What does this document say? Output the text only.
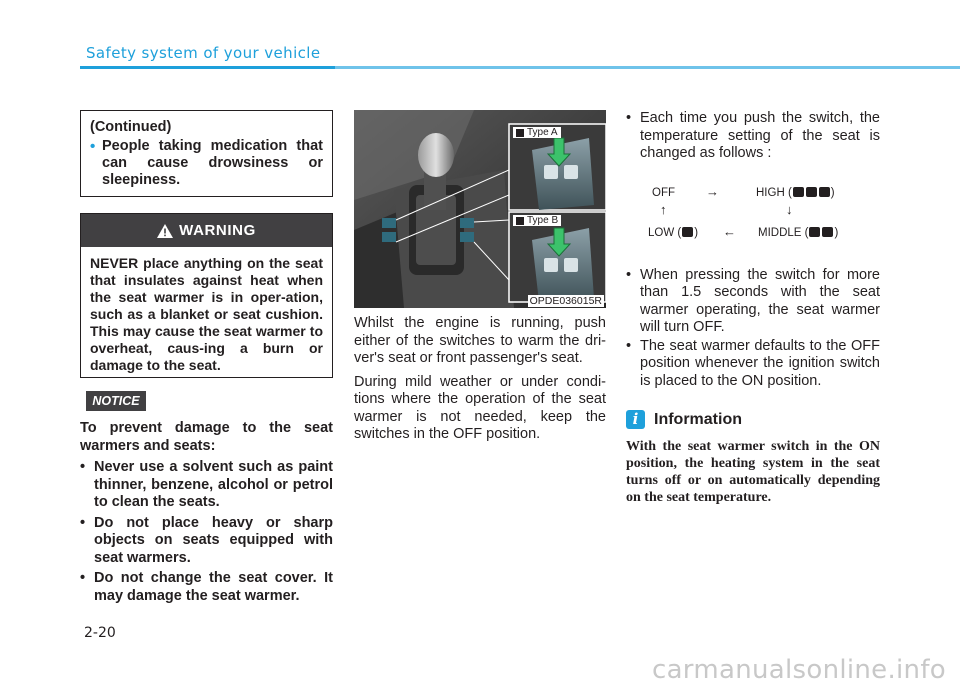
Safety system of your vehicle
(Continued)
• People taking medication that can cause drowsiness or sleepiness.
WARNING
NEVER place anything on the seat that insulates against heat when the seat warmer is in oper-ation, such as a blanket or seat cushion. This may cause the seat warmer to overheat, caus-ing a burn or damage to the seat.
NOTICE
To prevent damage to the seat warmers and seats:
• Never use a solvent such as paint thinner, benzene, alcohol or petrol to clean the seats.
• Do not place heavy or sharp objects on seats equipped with seat warmers.
• Do not change the seat cover. It may damage the seat warmer.
Type A
Type B
OPDE036015R

Whilst the engine is running, push either of the switches to warm the dri-ver's seat or front passenger's seat.

During mild weather or under condi-tions where the operation of the seat warmer is not needed, keep the switches in the OFF position.

• Each time you push the switch, the temperature setting of the seat is changed as follows :
OFF →	HIGH (	)
↑	↓
LOW ( ) ← MIDDLE ( )
• When pressing the switch for more than 1.5 seconds with the seat warmer operating, the seat warmer will turn OFF.
• The seat warmer defaults to the OFF position whenever the ignition switch is placed to the ON position.
i Information
With the seat warmer switch in the ON position, the heating system in the seat turns off or on automatically depending on the seat temperature.
2-20
carmanualsonline.info
